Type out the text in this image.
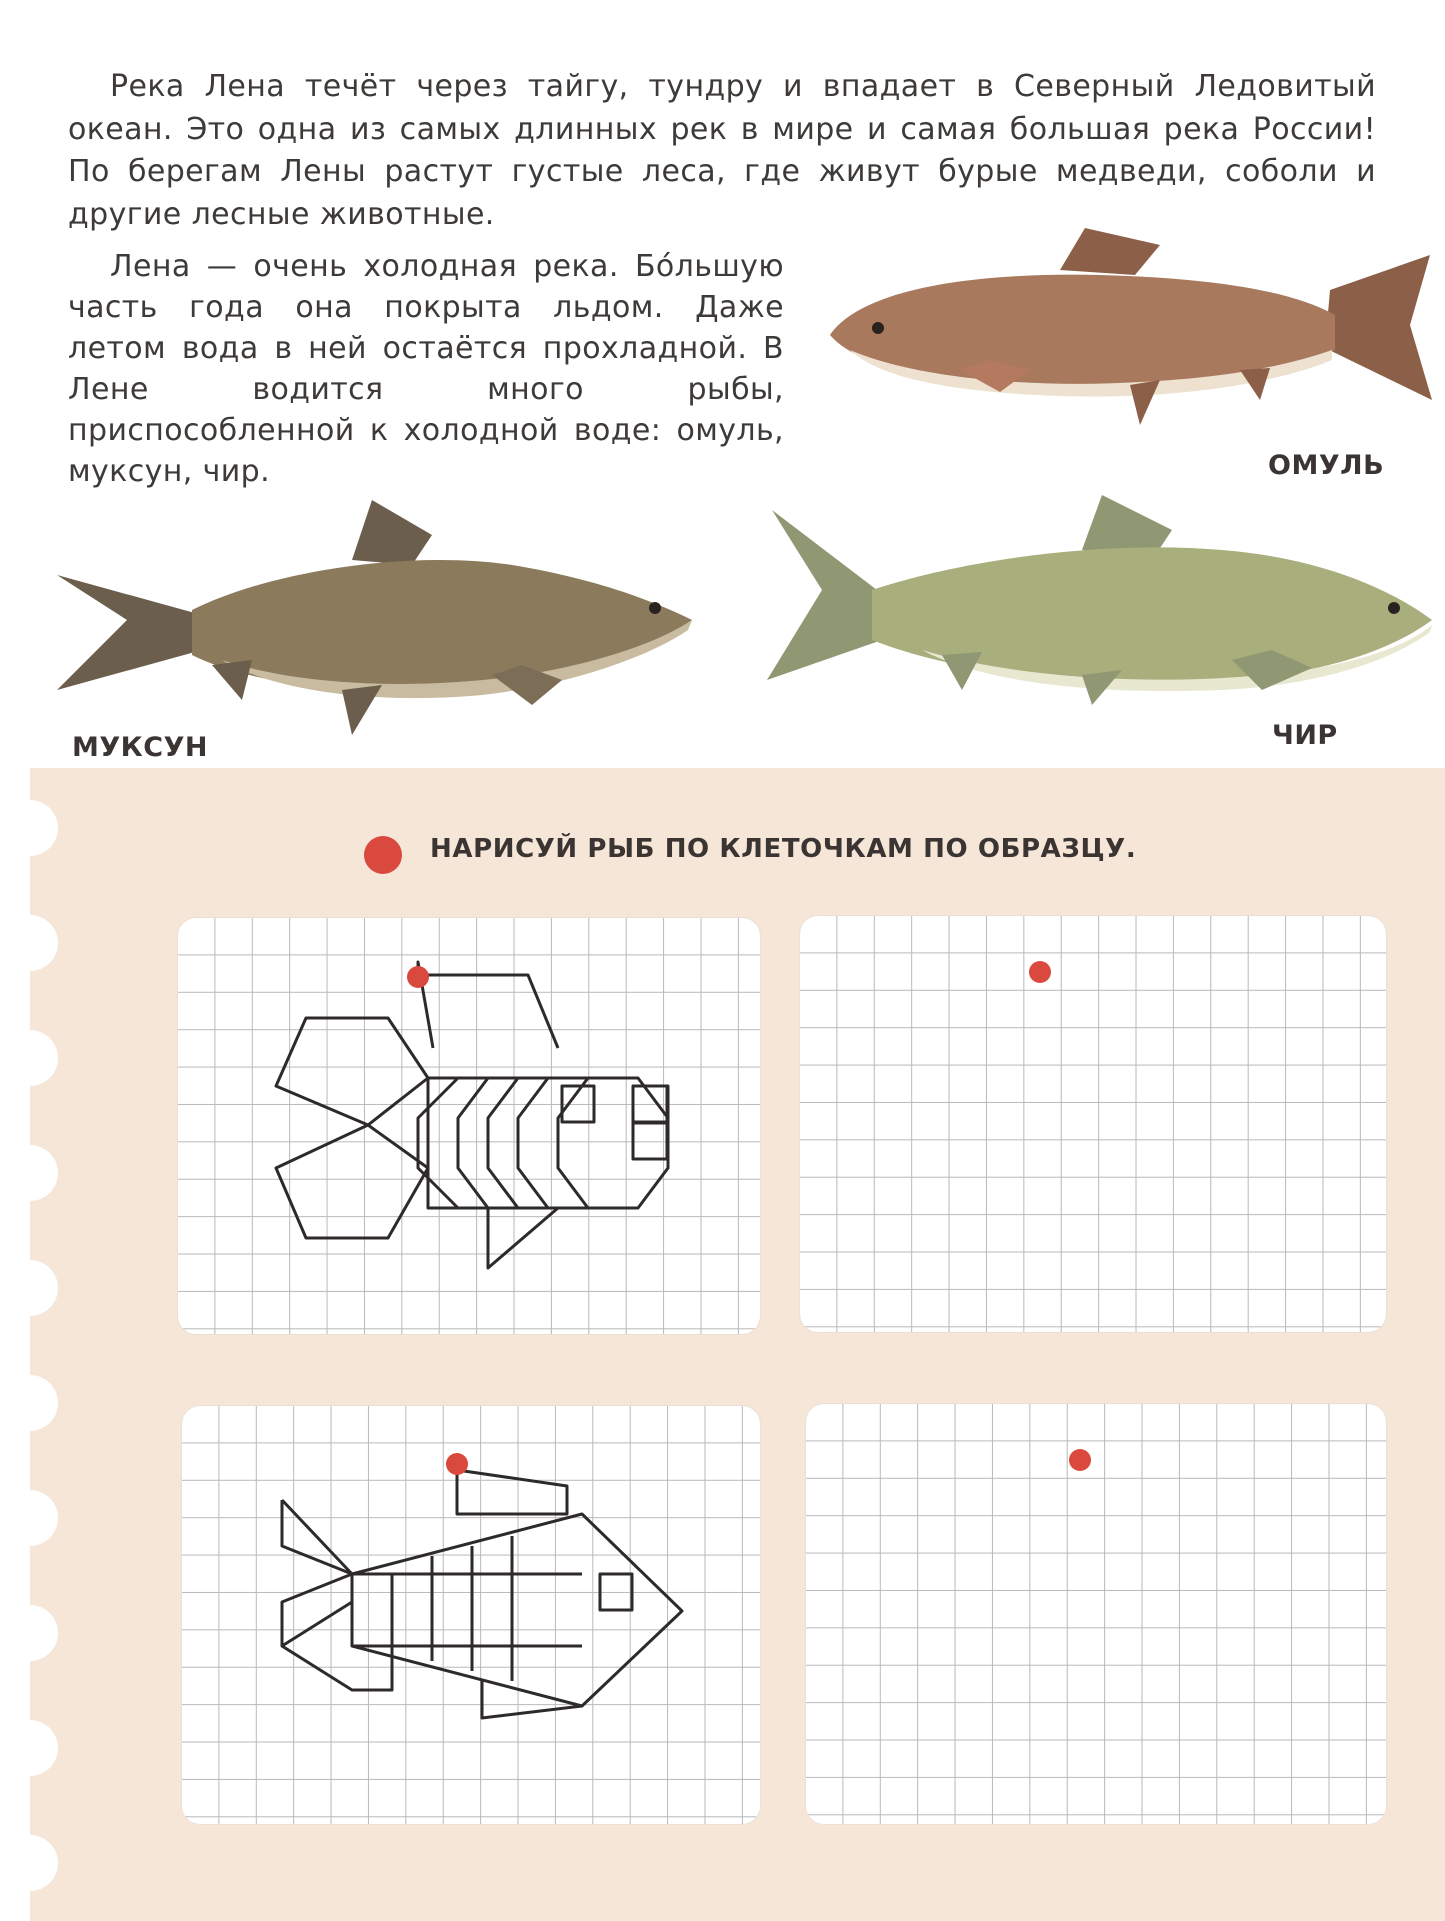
Река Лена течёт через тайгу, тундру и впадает в Северный Ледовитый океан. Это одна из самых длинных рек в мире и самая большая река России! По берегам Лены растут густые леса, где живут бурые медведи, соболи и другие лесные животные.

Лена — очень холодная река. Бо́льшую часть года она покрыта льдом. Даже летом вода в ней остаётся прохладной. В Лене водится много рыбы, приспособленной к холодной воде: омуль, муксун, чир.	ОМУЛЬ
МУКСУН	ЧИР
НАРИСУЙ РЫБ ПО КЛЕТОЧКАМ ПО ОБРАЗЦУ.
